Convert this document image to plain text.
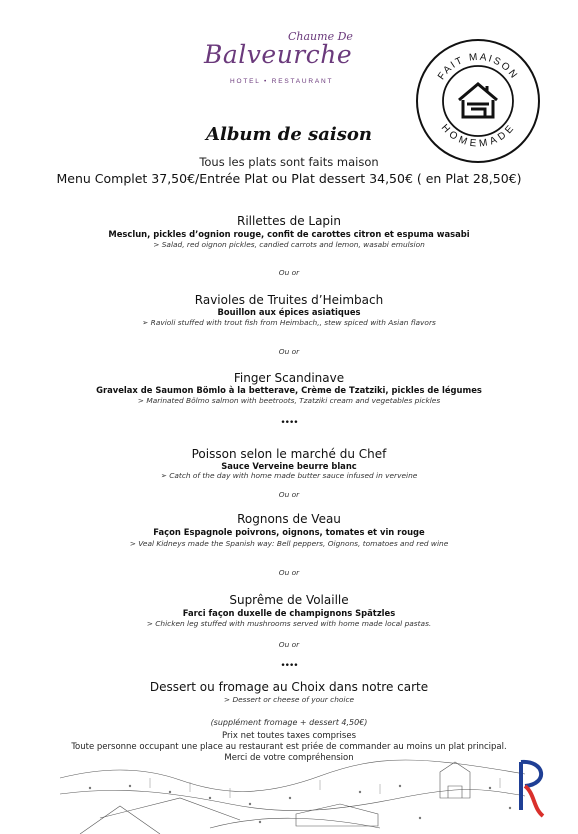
Chaume De
Balveurche
HOTEL • RESTAURANT	FAIT MAISON
HOMEMADE
Album de saison
Tous les plats sont faits maison
Menu Complet 37,50€/Entrée Plat ou Plat dessert 34,50€ ( en Plat 28,50€)
Rillettes de Lapin
Mesclun, pickles d’ognion rouge, confit de carottes citron et espuma wasabi
> Salad, red oignon pickles, candied carrots and lemon, wasabi emulsion
Ou or
Ravioles de Truites d’Heimbach
Bouillon aux épices asiatiques
➢ Ravioli stuffed with trout fish from Heimbach,, stew spiced with Asian flavors
Ou or
Finger Scandinave
Gravelax de Saumon Bömlo à la betterave, Crème de Tzatziki, pickles de légumes
> Marinated Bölmo salmon with beetroots, Tzatziki cream and vegetables pickles
••••
Poisson selon le marché du Chef
Sauce Verveine beurre blanc
➢ Catch of the day with home made butter sauce infused in verveine
Ou or
Rognons de Veau
Façon Espagnole poivrons, oignons, tomates et vin rouge
> Veal Kidneys made the Spanish way: Bell peppers, Oignons, tomatoes and red wine
Ou or
Suprême de Volaille
Farci façon duxelle de champignons Spätzles
> Chicken leg stuffed with mushrooms served with home made local pastas.
Ou or
••••
Dessert ou fromage au Choix dans notre carte
> Dessert or cheese of your choice
(supplément fromage + dessert 4,50€)
Prix net toutes taxes comprises
Toute personne occupant une place au restaurant est priée de commander au moins un plat principal.
Merci de votre compréhension
